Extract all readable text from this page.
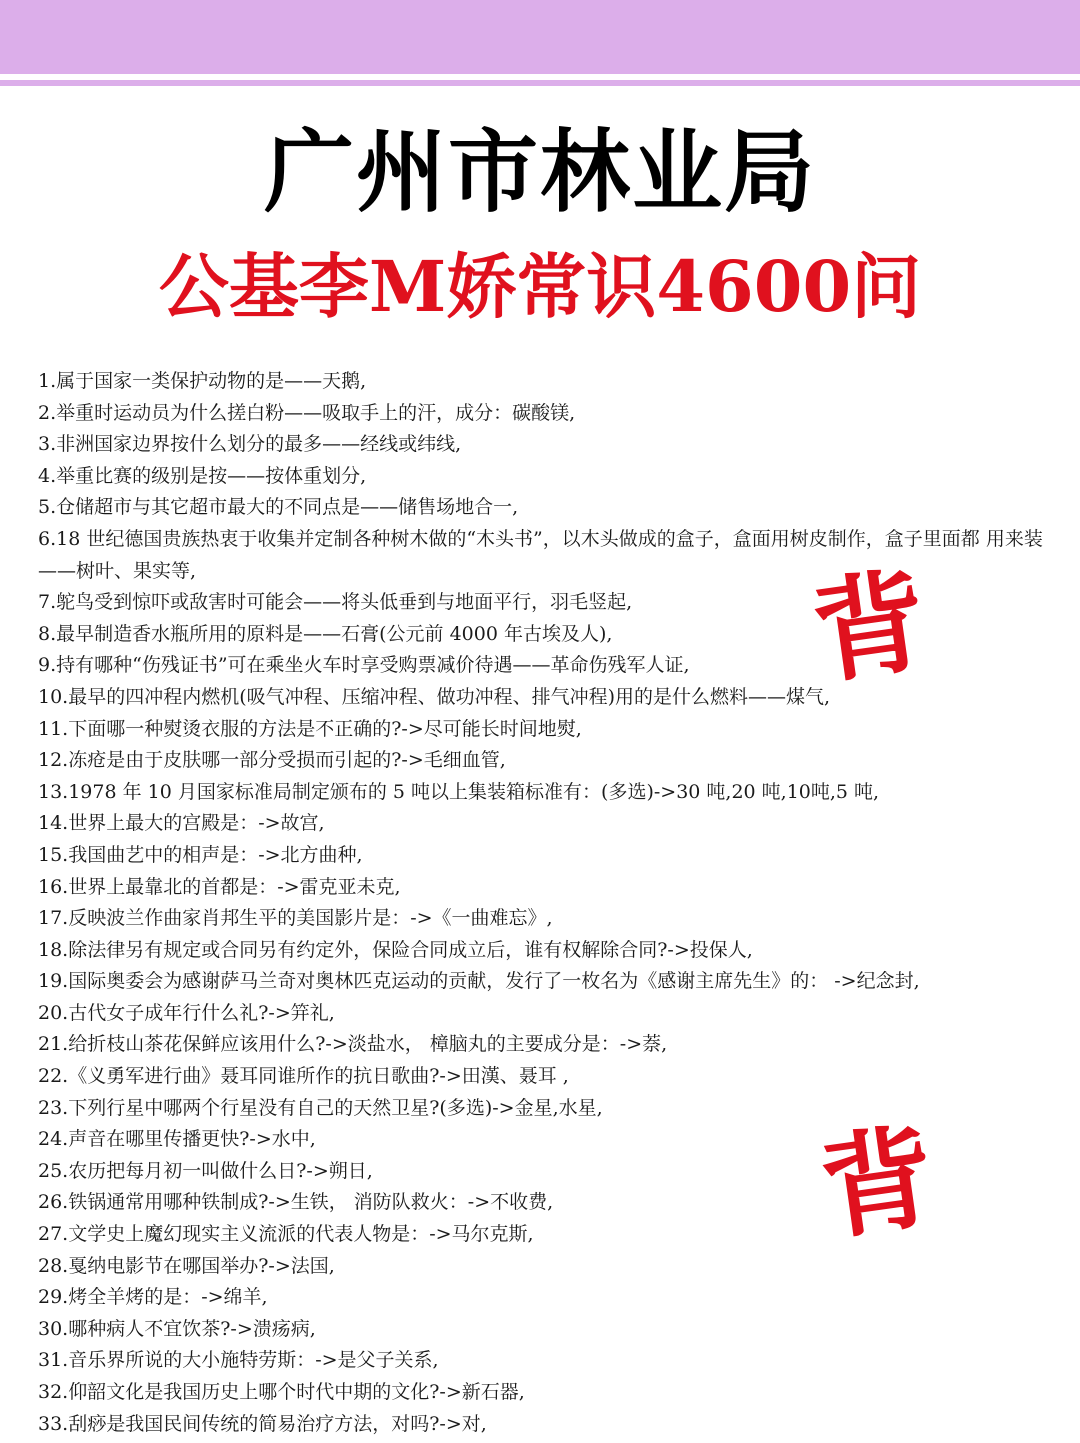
广州市林业局
公基李M娇常识4600问
1.属于国家一类保护动物的是——天鹅,
2.举重时运动员为什么搓白粉——吸取手上的汗，成分：碳酸镁,
3.非洲国家边界按什么划分的最多——经线或纬线,
4.举重比赛的级别是按——按体重划分,
5.仓储超市与其它超市最大的不同点是——储售场地合一,
6.18 世纪德国贵族热衷于收集并定制各种树木做的“木头书”，以木头做成的盒子，盒面用树皮制作，盒子里面都 用来装——树叶、果实等,
7.鸵鸟受到惊吓或敌害时可能会——将头低垂到与地面平行，羽毛竖起,
8.最早制造香水瓶所用的原料是——石膏(公元前 4000 年古埃及人),
9.持有哪种“伤残证书”可在乘坐火车时享受购票减价待遇——革命伤残军人证,
10.最早的四冲程内燃机(吸气冲程、压缩冲程、做功冲程、排气冲程)用的是什么燃料——煤气,
11.下面哪一种熨烫衣服的方法是不正确的?->尽可能长时间地熨,
12.冻疮是由于皮肤哪一部分受损而引起的?->毛细血管,
13.1978 年 10 月国家标准局制定颁布的 5 吨以上集装箱标准有：(多选)->30 吨,20 吨,10吨,5 吨,
14.世界上最大的宫殿是：->故宫,
15.我国曲艺中的相声是：->北方曲种,
16.世界上最靠北的首都是：->雷克亚未克,
17.反映波兰作曲家肖邦生平的美国影片是：->《一曲难忘》,
18.除法律另有规定或合同另有约定外，保险合同成立后，谁有权解除合同?->投保人,
19.国际奥委会为感谢萨马兰奇对奥林匹克运动的贡献，发行了一枚名为《感谢主席先生》的： ->纪念封,
20.古代女子成年行什么礼?->笄礼,
21.给折枝山茶花保鲜应该用什么?->淡盐水， 樟脑丸的主要成分是：->萘,
22.《义勇军进行曲》聂耳同谁所作的抗日歌曲?->田漢、聂耳 ,
23.下列行星中哪两个行星没有自己的天然卫星?(多选)->金星,水星,
24.声音在哪里传播更快?->水中,
25.农历把每月初一叫做什么日?->朔日,
26.铁锅通常用哪种铁制成?->生铁， 消防队救火：->不收费,
27.文学史上魔幻现实主义流派的代表人物是：->马尔克斯,
28.戛纳电影节在哪国举办?->法国,
29.烤全羊烤的是：->绵羊,
30.哪种病人不宜饮茶?->溃疡病,
31.音乐界所说的大小施特劳斯：->是父子关系,
32.仰韶文化是我国历史上哪个时代中期的文化?->新石器,
33.刮痧是我国民间传统的简易治疗方法，对吗?->对,
背
背
